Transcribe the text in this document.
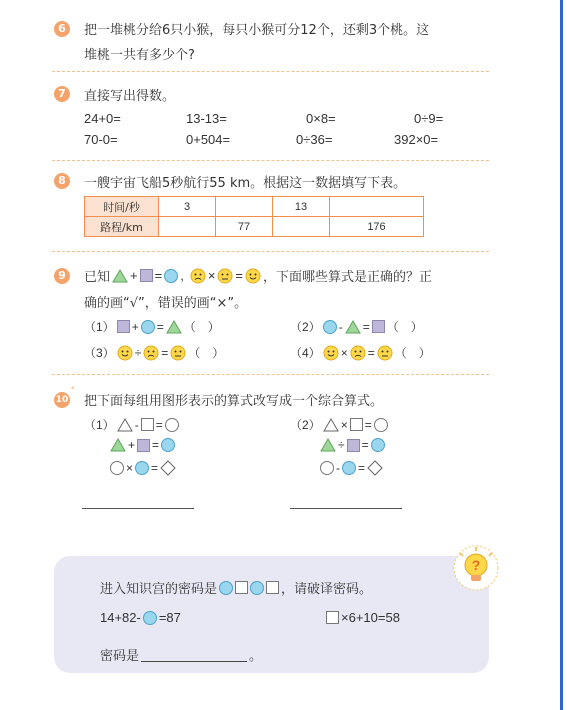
6	把一堆桃分给6只小猴，每只小猴可分12个，还剩3个桃。这
堆桃一共有多少个?
7	直接写出得数。
24+0=	13-13=	0×8=	0÷9=
70-0=	0+504=	0÷36=	392×0=
8	一艘宇宙飞船5秒航行55 km。根据这一数据填写下表。
时间/秒	3		13	
路程/km		77		176
9	已知 + = , × = ，下面哪些算式是正确的？正
确的画“√”，错误的画“×”。
（1） + = （　）	（2） - = （　）
（3） ÷ = （　）	（4） × = （　）
10
*
把下面每组用图形表示的算式改写成一个综合算式。
（1） - =
+ =
× =
（2） × =
÷ =
- =
?
进入知识宫的密码是	，请破译密码。
14+82- =87	×6+10=58
密码是	。
